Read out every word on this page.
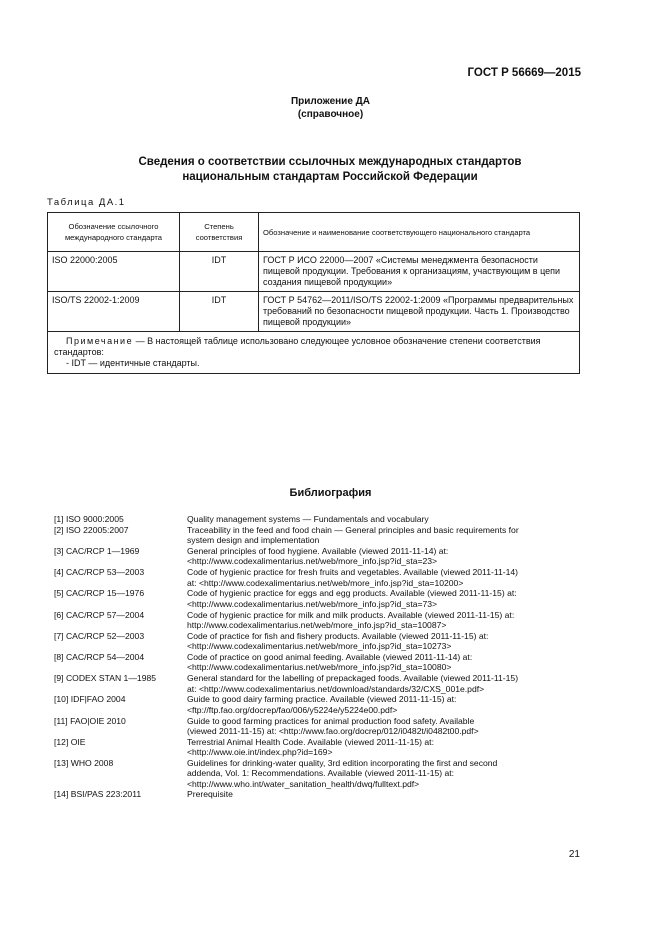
ГОСТ Р 56669—2015
Приложение ДА
(справочное)
Сведения о соответствии ссылочных международных стандартов
национальным стандартам Российской Федерации
Таблица ДА.1
Обозначение ссылочного международного стандарта	Степень соответствия	Обозначение и наименование соответствующего национального стандарта
ISO 22000:2005	IDT	ГОСТ Р ИСО 22000—2007 «Системы менеджмента безопасности пищевой продукции. Требования к организациям, участвующим в цепи создания пищевой продукции»
ISO/TS 22002-1:2009	IDT	ГОСТ Р 54762—2011/ISO/TS 22002-1:2009 «Программы предварительных требований по безопасности пищевой продукции. Часть 1. Производство пищевой продукции»

Примечание — В настоящей таблице использовано следующее условное обозначение степени соответствия стандартов:
- IDT — идентичные стандарты.		
Библиография
[1] ISO 9000:2005	Quality management systems — Fundamentals and vocabulary
[2] ISO 22005:2007	Traceability in the feed and food chain — General principles and basic requirements for
system design and implementation
[3] CAC/RCP 1—1969	General principles of food hygiene. Available (viewed 2011-11-14) at:
<http://www.codexalimentarius.net/web/more_info.jsp?id_sta=23>
[4] CAC/RCP 53—2003	Code of hygienic practice for fresh fruits and vegetables. Available (viewed 2011-11-14)
at: <http://www.codexalimentarius.net/web/more_info.jsp?id_sta=10200>
[5] CAC/RCP 15—1976	Code of hygienic practice for eggs and egg products. Available (viewed 2011-11-15) at:
<http://www.codexalimentarius.net/web/more_info.jsp?id_sta=73>
[6] CAC/RCP 57—2004	Code of hygienic practice for milk and milk products. Available (viewed 2011-11-15) at:
http://www.codexalimentarius.net/web/more_info.jsp?id_sta=10087>
[7] CAC/RCP 52—2003	Code of practice for fish and fishery products. Available (viewed 2011-11-15) at:
<http://www.codexalimentarius.net/web/more_info.jsp?id_sta=10273>
[8] CAC/RCP 54—2004	Code of practice on good animal feeding. Available (viewed 2011-11-14) at:
<http://www.codexalimentarius.net/web/more_info.jsp?id_sta=10080>
[9] CODEX STAN 1—1985	General standard for the labelling of prepackaged foods. Available (viewed 2011-11-15)
at: <http://www.codexalimentarius.net/download/standards/32/CXS_001e.pdf>
[10] IDF|FAO 2004	Guide to good dairy farming practice. Available (viewed 2011-11-15) at:
<ftp://ftp.fao.org/docrep/fao/006/y5224e/y5224e00.pdf>
[11] FAO|OIE 2010	Guide to good farming practices for animal production food safety. Available
(viewed 2011-11-15) at: <http://www.fao.org/docrep/012/i0482t/i0482t00.pdf>
[12] OIE	Terrestrial Animal Health Code. Available (viewed 2011-11-15) at:
<http://www.oie.int/index.php?id=169>
[13] WHO 2008	Guidelines for drinking-water quality, 3rd edition incorporating the first and second
addenda, Vol. 1: Recommendations. Available (viewed 2011-11-15) at:
<http://www.who.int/water_sanitation_health/dwq/fulltext.pdf>
[14] BSI/PAS 223:2011	Prerequisite
21
